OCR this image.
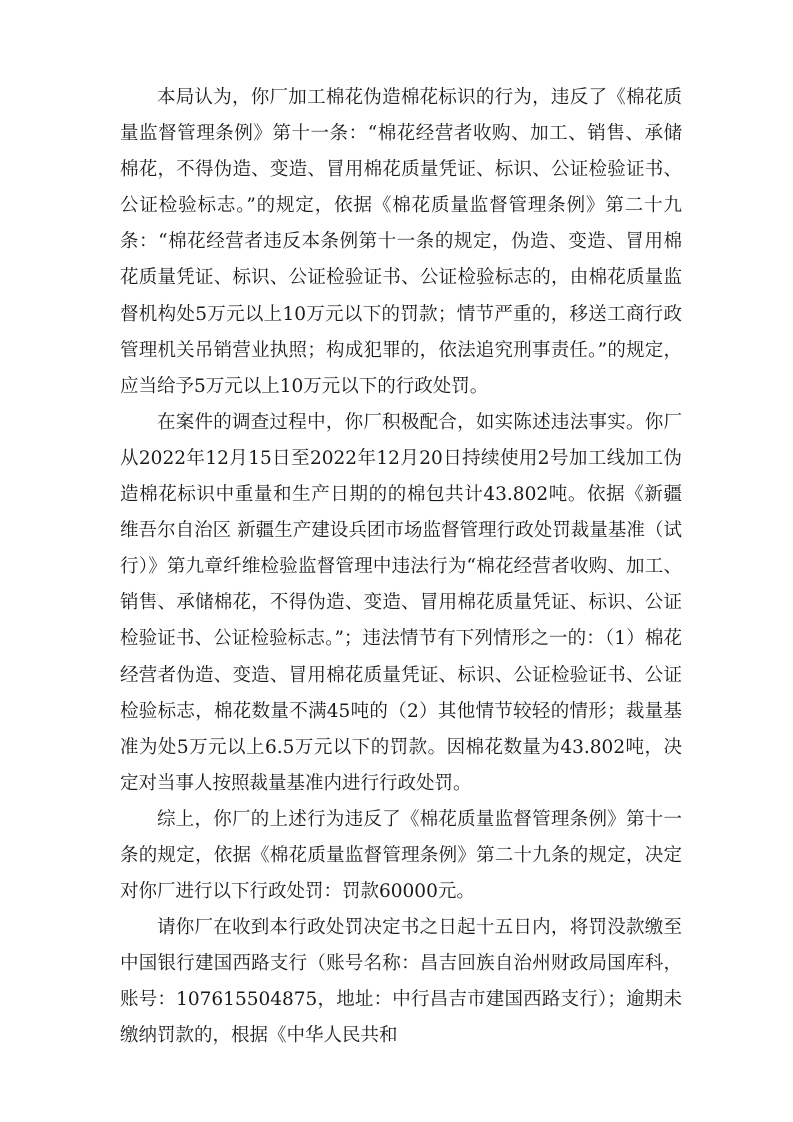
本局认为，你厂加工棉花伪造棉花标识的行为，违反了《棉花质量监督管理条例》第十一条：“棉花经营者收购、加工、销售、承储棉花，不得伪造、变造、冒用棉花质量凭证、标识、公证检验证书、公证检验标志。”的规定，依据《棉花质量监督管理条例》第二十九条：“棉花经营者违反本条例第十一条的规定，伪造、变造、冒用棉花质量凭证、标识、公证检验证书、公证检验标志的，由棉花质量监督机构处5万元以上10万元以下的罚款；情节严重的，移送工商行政管理机关吊销营业执照；构成犯罪的，依法追究刑事责任。”的规定，应当给予5万元以上10万元以下的行政处罚。

在案件的调查过程中，你厂积极配合，如实陈述违法事实。你厂从2022年12月15日至2022年12月20日持续使用2号加工线加工伪造棉花标识中重量和生产日期的的棉包共计43.802吨。依据《新疆维吾尔自治区 新疆生产建设兵团市场监督管理行政处罚裁量基准（试行）》第九章纤维检验监督管理中违法行为“棉花经营者收购、加工、销售、承储棉花，不得伪造、变造、冒用棉花质量凭证、标识、公证检验证书、公证检验标志。”；违法情节有下列情形之一的：（1）棉花经营者伪造、变造、冒用棉花质量凭证、标识、公证检验证书、公证检验标志，棉花数量不满45吨的（2）其他情节较轻的情形；裁量基准为处5万元以上6.5万元以下的罚款。因棉花数量为43.802吨，决定对当事人按照裁量基准内进行行政处罚。

综上，你厂的上述行为违反了《棉花质量监督管理条例》第十一条的规定，依据《棉花质量监督管理条例》第二十九条的规定，决定对你厂进行以下行政处罚：罚款60000元。

请你厂在收到本行政处罚决定书之日起十五日内，将罚没款缴至中国银行建国西路支行（账号名称：昌吉回族自治州财政局国库科，账号：107615504875，地址：中行昌吉市建国西路支行）；逾期未缴纳罚款的，根据《中华人民共和
